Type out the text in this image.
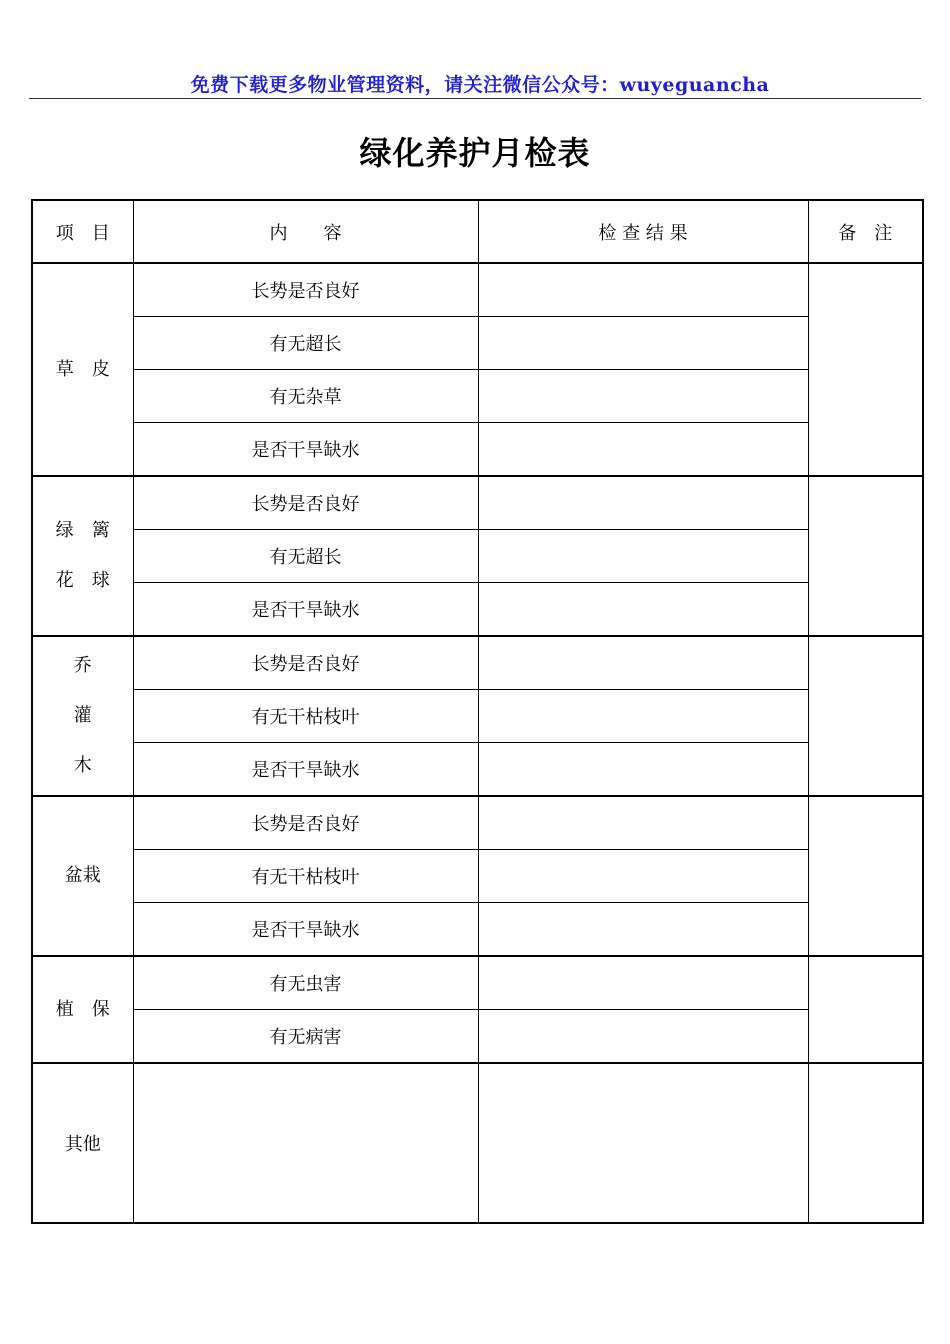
免费下载更多物业管理资料，请关注微信公众号：wuyeguancha
绿化养护月检表
项　目	内　　容	检 查 结 果	备　注

草　皮	长势是否良好		
	有无超长		
	有无杂草		
	是否干旱缺水		

绿　篱
花　球	长势是否良好		
	有无超长		
	是否干旱缺水		

乔
灌
木	长势是否良好		
	有无干枯枝叶		
	是否干旱缺水		

盆栽	长势是否良好		
	有无干枯枝叶		
	是否干旱缺水		

植　保	有无虫害		
	有无病害		
其他			
